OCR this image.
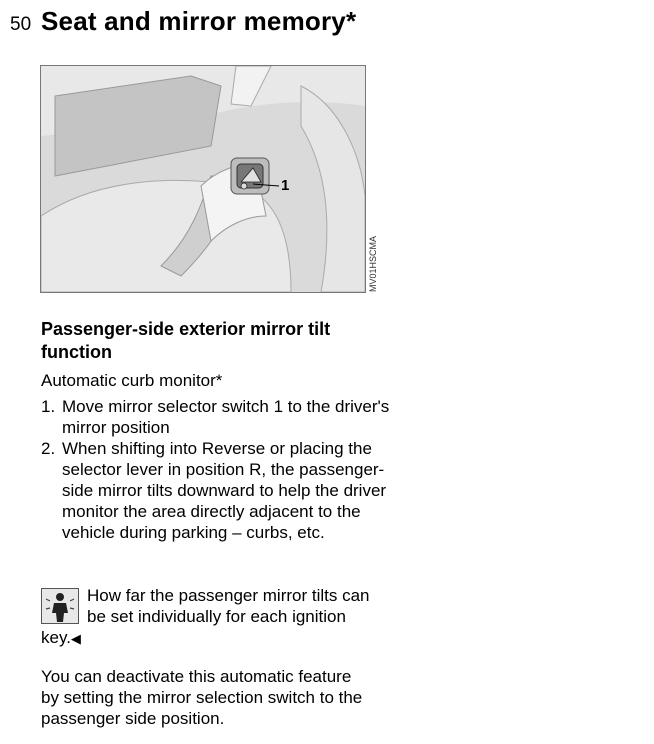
50 Seat and mirror memory*
1
MV01HSCMA
Passenger-side exterior mirror tilt function

Automatic curb monitor*

1. Move mirror selector switch 1 to the driver's mirror position
2. When shifting into Reverse or placing the selector lever in position R, the passenger-side mirror tilts downward to help the driver monitor the area directly adjacent to the vehicle during parking – curbs, etc.
How far the passenger mirror tilts can be set individually for each ignition key.◀
You can deactivate this automatic feature by setting the mirror selection switch to the passenger side position.
